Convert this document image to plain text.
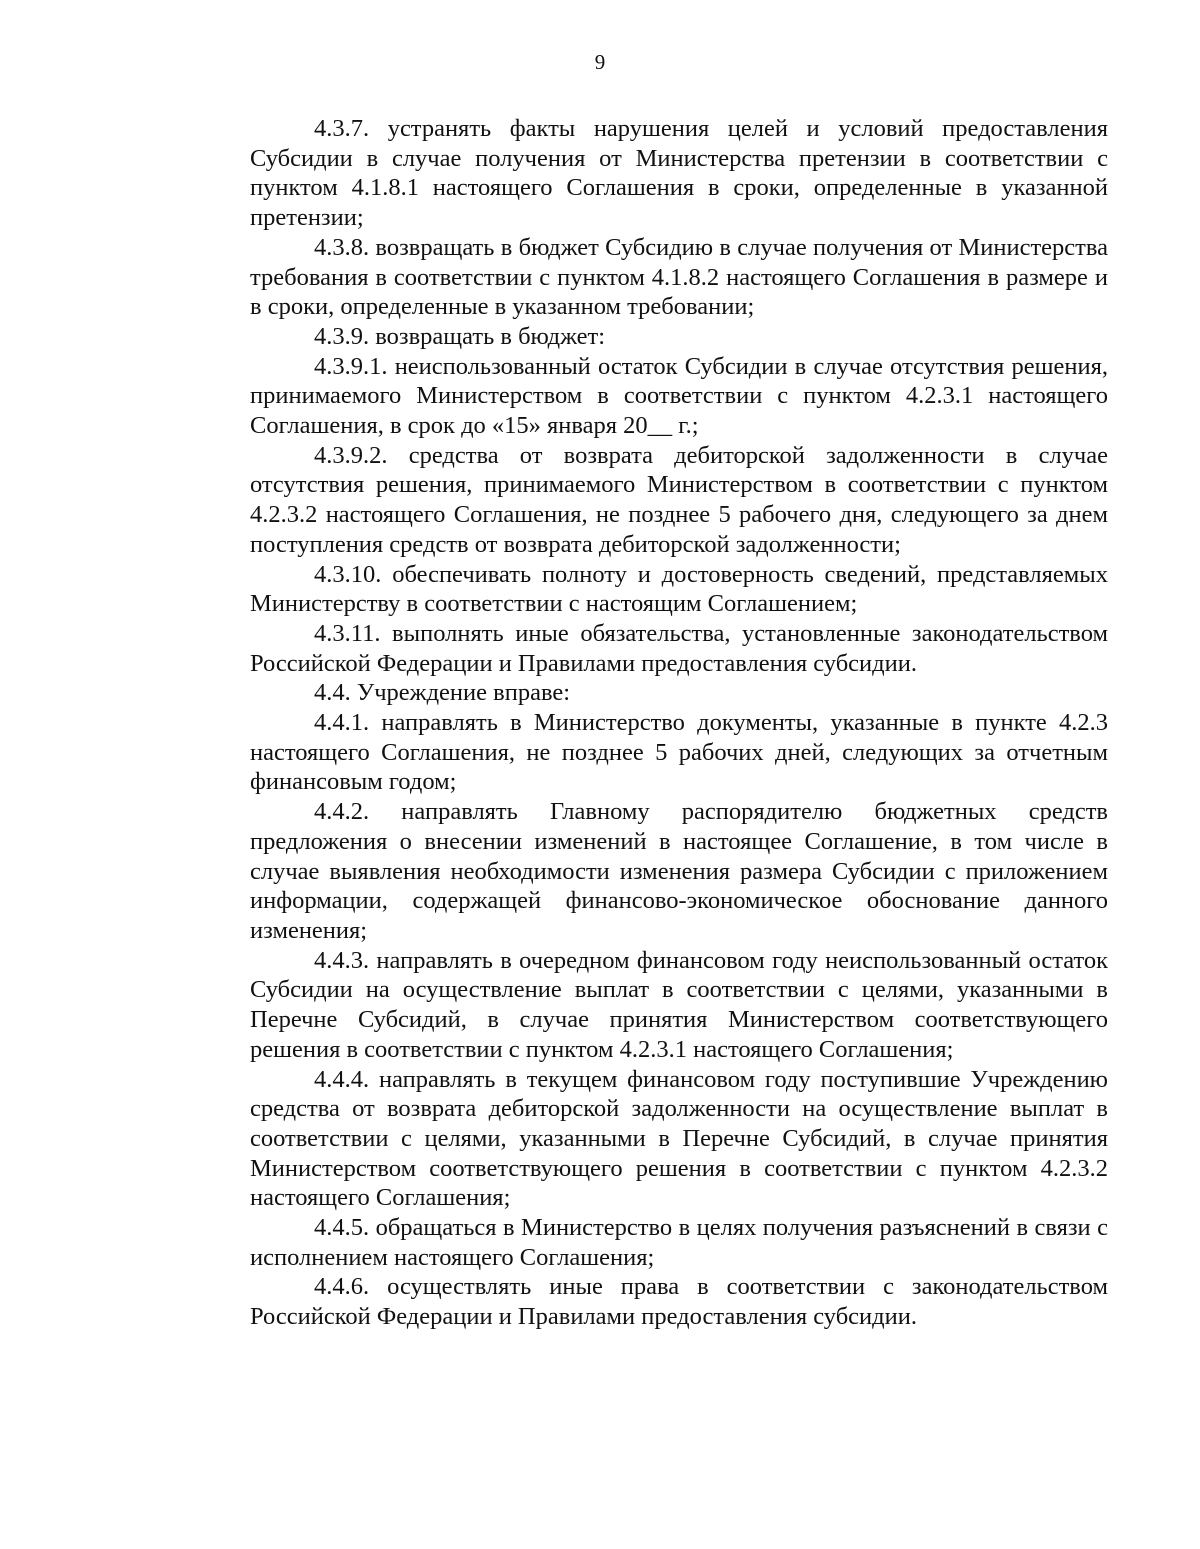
9

4.3.7. устранять факты нарушения целей и условий предоставления Субсидии в случае получения от Министерства претензии в соответствии с пунктом 4.1.8.1 настоящего Соглашения в сроки, определенные в указанной претензии;

4.3.8. возвращать в бюджет Субсидию в случае получения от Министерства требования в соответствии с пунктом 4.1.8.2 настоящего Соглашения в размере и в сроки, определенные в указанном требовании;

4.3.9. возвращать в бюджет:

4.3.9.1. неиспользованный остаток Субсидии в случае отсутствия решения, принимаемого Министерством в соответствии с пунктом 4.2.3.1 настоящего Соглашения, в срок до «15» января 20__ г.;

4.3.9.2. средства от возврата дебиторской задолженности в случае отсутствия решения, принимаемого Министерством в соответствии с пунктом 4.2.3.2 настоящего Соглашения, не позднее 5 рабочего дня, следующего за днем поступления средств от возврата дебиторской задолженности;

4.3.10. обеспечивать полноту и достоверность сведений, представляемых Министерству в соответствии с настоящим Соглашением;

4.3.11. выполнять иные обязательства, установленные законодательством Российской Федерации и Правилами предоставления субсидии.

4.4. Учреждение вправе:

4.4.1. направлять в Министерство документы, указанные в пункте 4.2.3 настоящего Соглашения, не позднее 5 рабочих дней, следующих за отчетным финансовым годом;

4.4.2. направлять Главному распорядителю бюджетных средств предложения о внесении изменений в настоящее Соглашение, в том числе в случае выявления необходимости изменения размера Субсидии с приложением информации, содержащей финансово-экономическое обоснование данного изменения;

4.4.3. направлять в очередном финансовом году неиспользованный остаток Субсидии на осуществление выплат в соответствии с целями, указанными в Перечне Субсидий, в случае принятия Министерством соответствующего решения в соответствии с пунктом 4.2.3.1 настоящего Соглашения;

4.4.4. направлять в текущем финансовом году поступившие Учреждению средства от возврата дебиторской задолженности на осуществление выплат в соответствии с целями, указанными в Перечне Субсидий, в случае принятия Министерством соответствующего решения в соответствии с пунктом 4.2.3.2 настоящего Соглашения;

4.4.5. обращаться в Министерство в целях получения разъяснений в связи с исполнением настоящего Соглашения;

4.4.6. осуществлять иные права в соответствии с законодательством Российской Федерации и Правилами предоставления субсидии.
